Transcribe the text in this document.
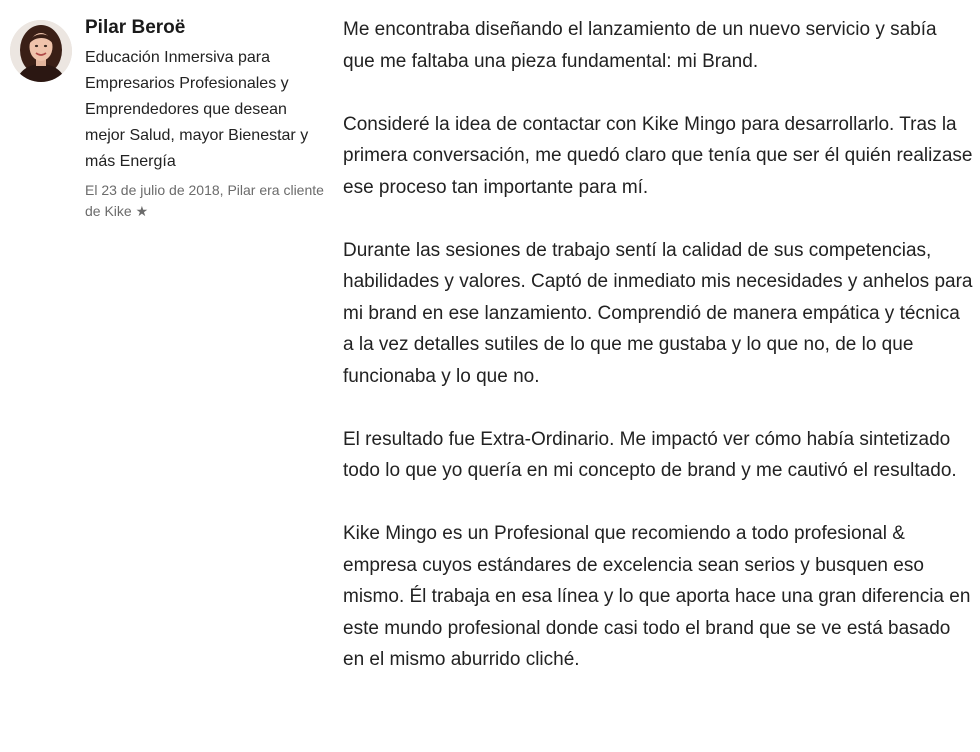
Pilar Beroë

Educación Inmersiva para Empresarios Profesionales y Emprendedores que desean mejor Salud, mayor Bienestar y más Energía

El 23 de julio de 2018, Pilar era cliente de Kike ★

Me encontraba diseñando el lanzamiento de un nuevo servicio y sabía que me faltaba una pieza fundamental: mi Brand.

Consideré la idea de contactar con Kike Mingo para desarrollarlo. Tras la primera conversación, me quedó claro que tenía que ser él quién realizase ese proceso tan importante para mí.

Durante las sesiones de trabajo sentí la calidad de sus competencias, habilidades y valores. Captó de inmediato mis necesidades y anhelos para mi brand en ese lanzamiento. Comprendió de manera empática y técnica a la vez detalles sutiles de lo que me gustaba y lo que no, de lo que funcionaba y lo que no.

El resultado fue Extra-Ordinario. Me impactó ver cómo había sintetizado todo lo que yo quería en mi concepto de brand y me cautivó el resultado.

Kike Mingo es un Profesional que recomiendo a todo profesional & empresa cuyos estándares de excelencia sean serios y busquen eso mismo. Él trabaja en esa línea y lo que aporta hace una gran diferencia en este mundo profesional donde casi todo el brand que se ve está basado en el mismo aburrido cliché.
